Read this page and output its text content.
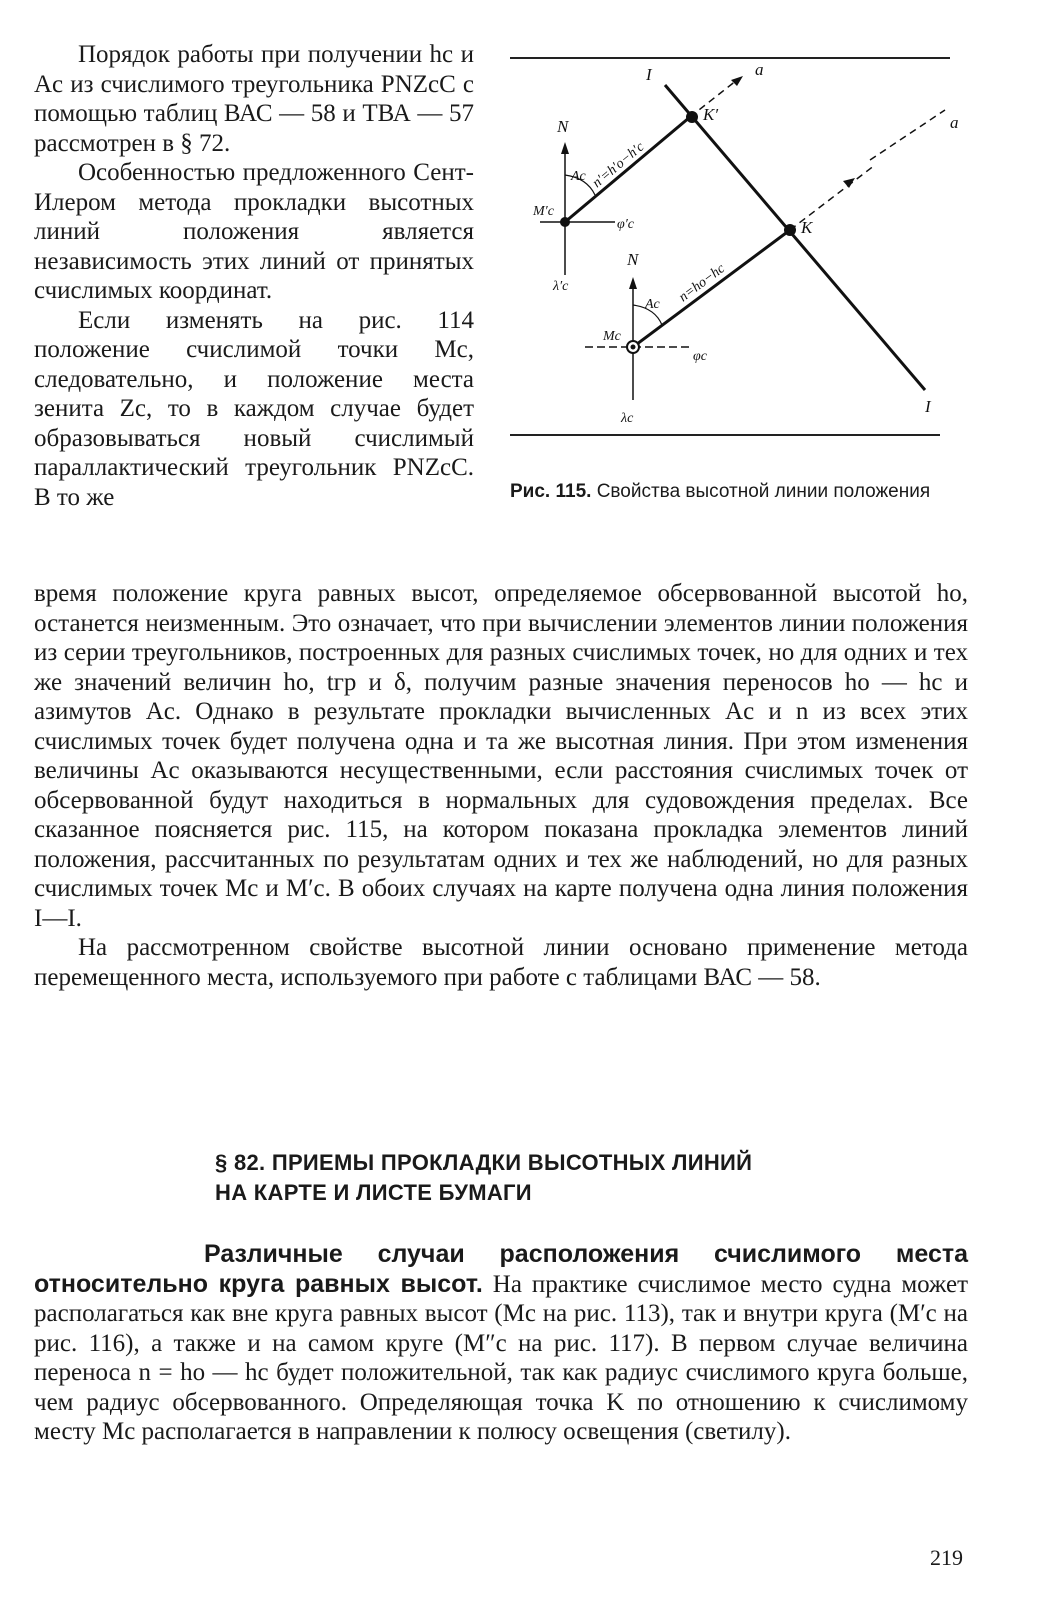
Порядок работы при получении hс и Aс из счислимого треугольника PNZсC с помощью таблиц ВАС — 58 и ТВА — 57 рассмотрен в § 72.

Особенностью предложенного Сент-Илером метода прокладки высотных линий положения является независимость этих линий от принятых счислимых координат.

Если изменять на рис. 114 положение счислимой точки Mс, следовательно, и положение места зенита Zс, то в каждом случае будет образовываться новый счислимый параллактический треугольник PNZсC. В то же

I
I
a
a
K′
K
N
N
Ac
Ac
M′c
Mc
φ′c
φc
λ′c
λc
n′=h′o−h′c
n=ho−hc
Рис. 115. Свойства высотной линии положения

время положение круга равных высот, определяемое обсервованной высотой hо, останется неизменным. Это означает, что при вычислении элементов линии положения из серии треугольников, построенных для разных счислимых точек, но для одних и тех же значений величин hо, tгр и δ, получим разные значения переносов hо — hс и азимутов Aс. Однако в результате прокладки вычисленных Aс и n из всех этих счислимых точек будет получена одна и та же высотная линия. При этом изменения величины Aс оказываются несущественными, если расстояния счислимых точек от обсервованной будут находиться в нормальных для судовождения пределах. Все сказанное поясняется рис. 115, на котором показана прокладка элементов линий положения, рассчитанных по результатам одних и тех же наблюдений, но для разных счислимых точек Mс и M′с. В обоих случаях на карте получена одна линия положения I—I.

На рассмотренном свойстве высотной линии основано применение метода перемещенного места, используемого при работе с таблицами ВАС — 58.

§ 82. ПРИЕМЫ ПРОКЛАДКИ ВЫСОТНЫХ ЛИНИЙ
НА КАРТЕ И ЛИСТЕ БУМАГИ

Различные случаи расположения счислимого места относительно круга равных высот. На практике счислимое место судна может располагаться как вне круга равных высот (Mс на рис. 113), так и внутри круга (M′с на рис. 116), а также и на самом круге (M″с на рис. 117). В первом случае величина переноса n = hо — hс будет положительной, так как радиус счислимого круга больше, чем радиус обсервованного. Определяющая точка K по отношению к счислимому месту Mс располагается в направлении к полюсу освещения (светилу).

219
